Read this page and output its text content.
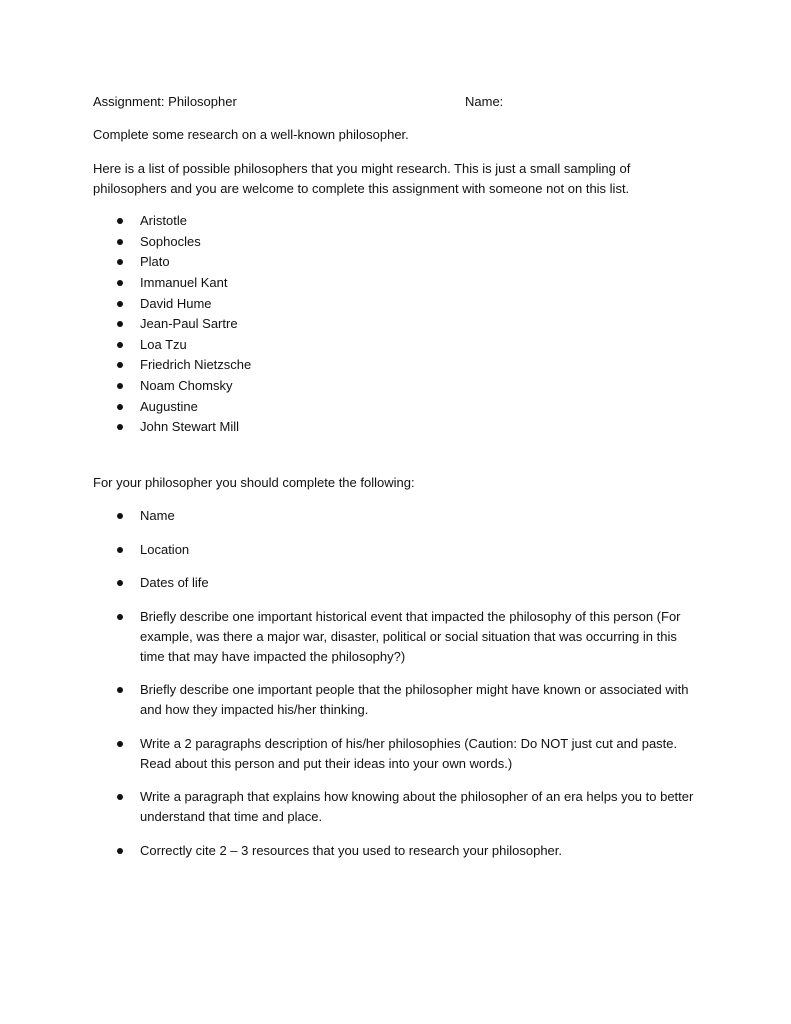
Assignment: Philosopher	Name:

Complete some research on a well-known philosopher.

Here is a list of possible philosophers that you might research. This is just a small sampling of philosophers and you are welcome to complete this assignment with someone not on this list.

Aristotle
Sophocles
Plato
Immanuel Kant
David Hume
Jean-Paul Sartre
Loa Tzu
Friedrich Nietzsche
Noam Chomsky
Augustine
John Stewart Mill

For your philosopher you should complete the following:

Name
Location
Dates of life
Briefly describe one important historical event that impacted the philosophy of this person (For example, was there a major war, disaster, political or social situation that was occurring in this time that may have impacted the philosophy?)
Briefly describe one important people that the philosopher might have known or associated with and how they impacted his/her thinking.
Write a 2 paragraphs description of his/her philosophies (Caution: Do NOT just cut and paste. Read about this person and put their ideas into your own words.)
Write a paragraph that explains how knowing about the philosopher of an era helps you to better understand that time and place.
Correctly cite 2 – 3 resources that you used to research your philosopher.
